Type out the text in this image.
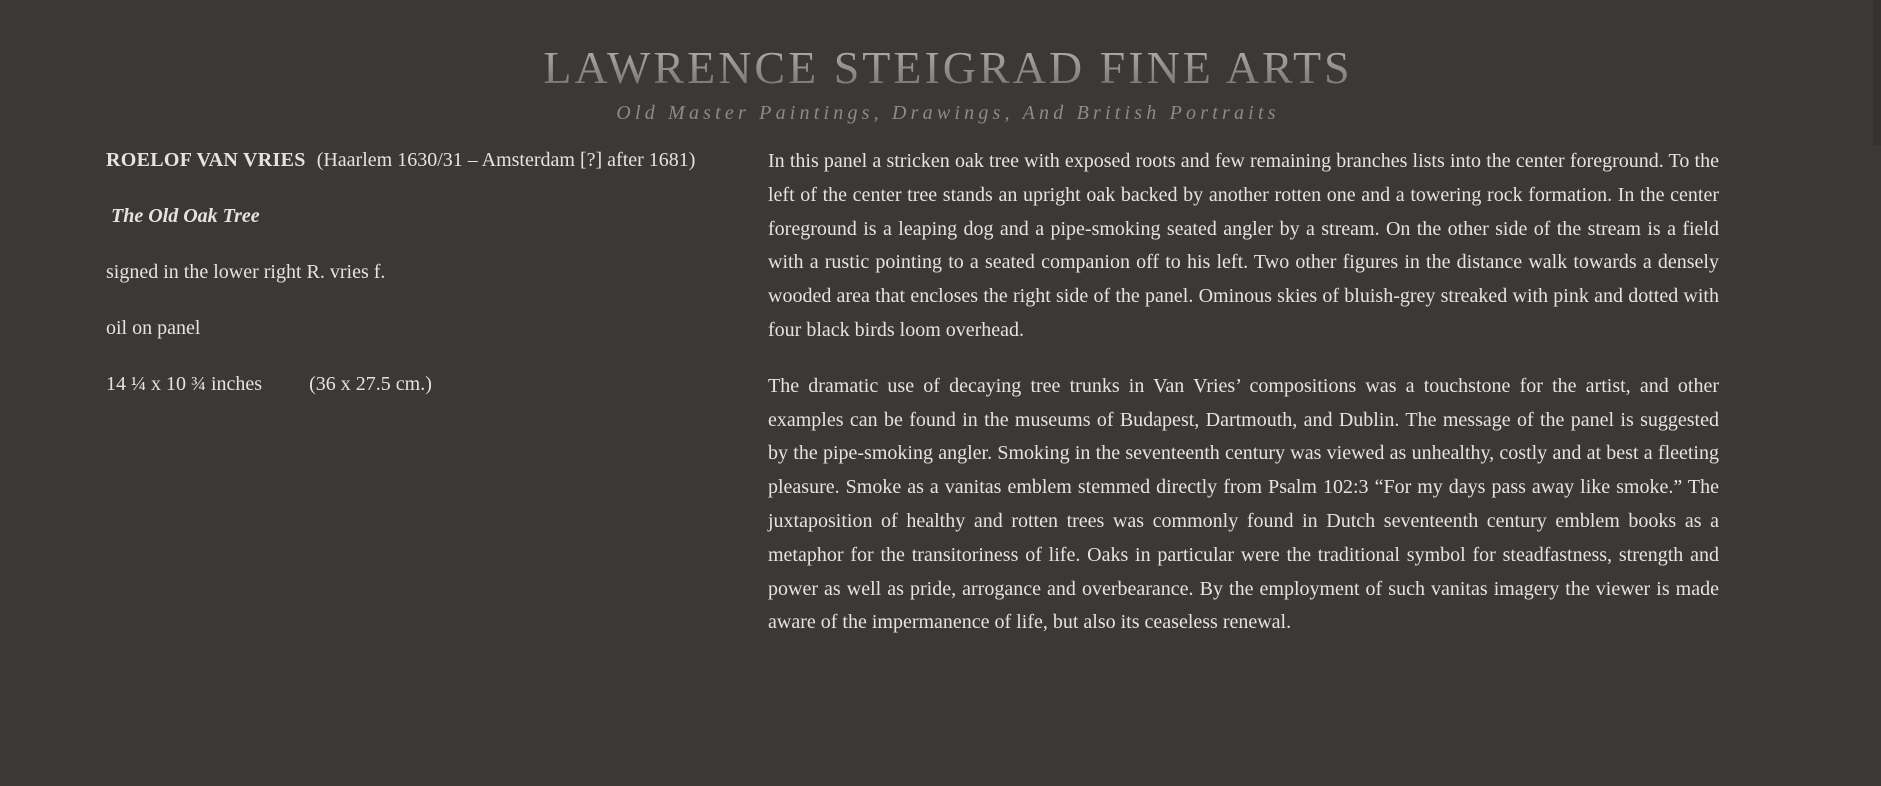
LAWRENCE STEIGRAD FINE ARTS
Old Master Paintings, Drawings, And British Portraits
ROELOF VAN VRIES (Haarlem 1630/31 – Amsterdam [?] after 1681)
The Old Oak Tree
signed in the lower right R. vries f.
oil on panel
14 ¼ x 10 ¾ inches (36 x 27.5 cm.)

In this panel a stricken oak tree with exposed roots and few remaining branches lists into the center foreground. To the left of the center tree stands an upright oak backed by another rotten one and a towering rock formation. In the center foreground is a leaping dog and a pipe-smoking seated angler by a stream. On the other side of the stream is a field with a rustic pointing to a seated companion off to his left. Two other figures in the distance walk towards a densely wooded area that encloses the right side of the panel. Ominous skies of bluish-grey streaked with pink and dotted with four black birds loom overhead.

The dramatic use of decaying tree trunks in Van Vries’ compositions was a touchstone for the artist, and other examples can be found in the museums of Budapest, Dartmouth, and Dublin. The message of the panel is suggested by the pipe-smoking angler. Smoking in the seventeenth century was viewed as unhealthy, costly and at best a fleeting pleasure. Smoke as a vanitas emblem stemmed directly from Psalm 102:3 “For my days pass away like smoke.” The juxtaposition of healthy and rotten trees was commonly found in Dutch seventeenth century emblem books as a metaphor for the transitoriness of life. Oaks in particular were the traditional symbol for steadfastness, strength and power as well as pride, arrogance and overbearance. By the employment of such vanitas imagery the viewer is made aware of the impermanence of life, but also its ceaseless renewal.
